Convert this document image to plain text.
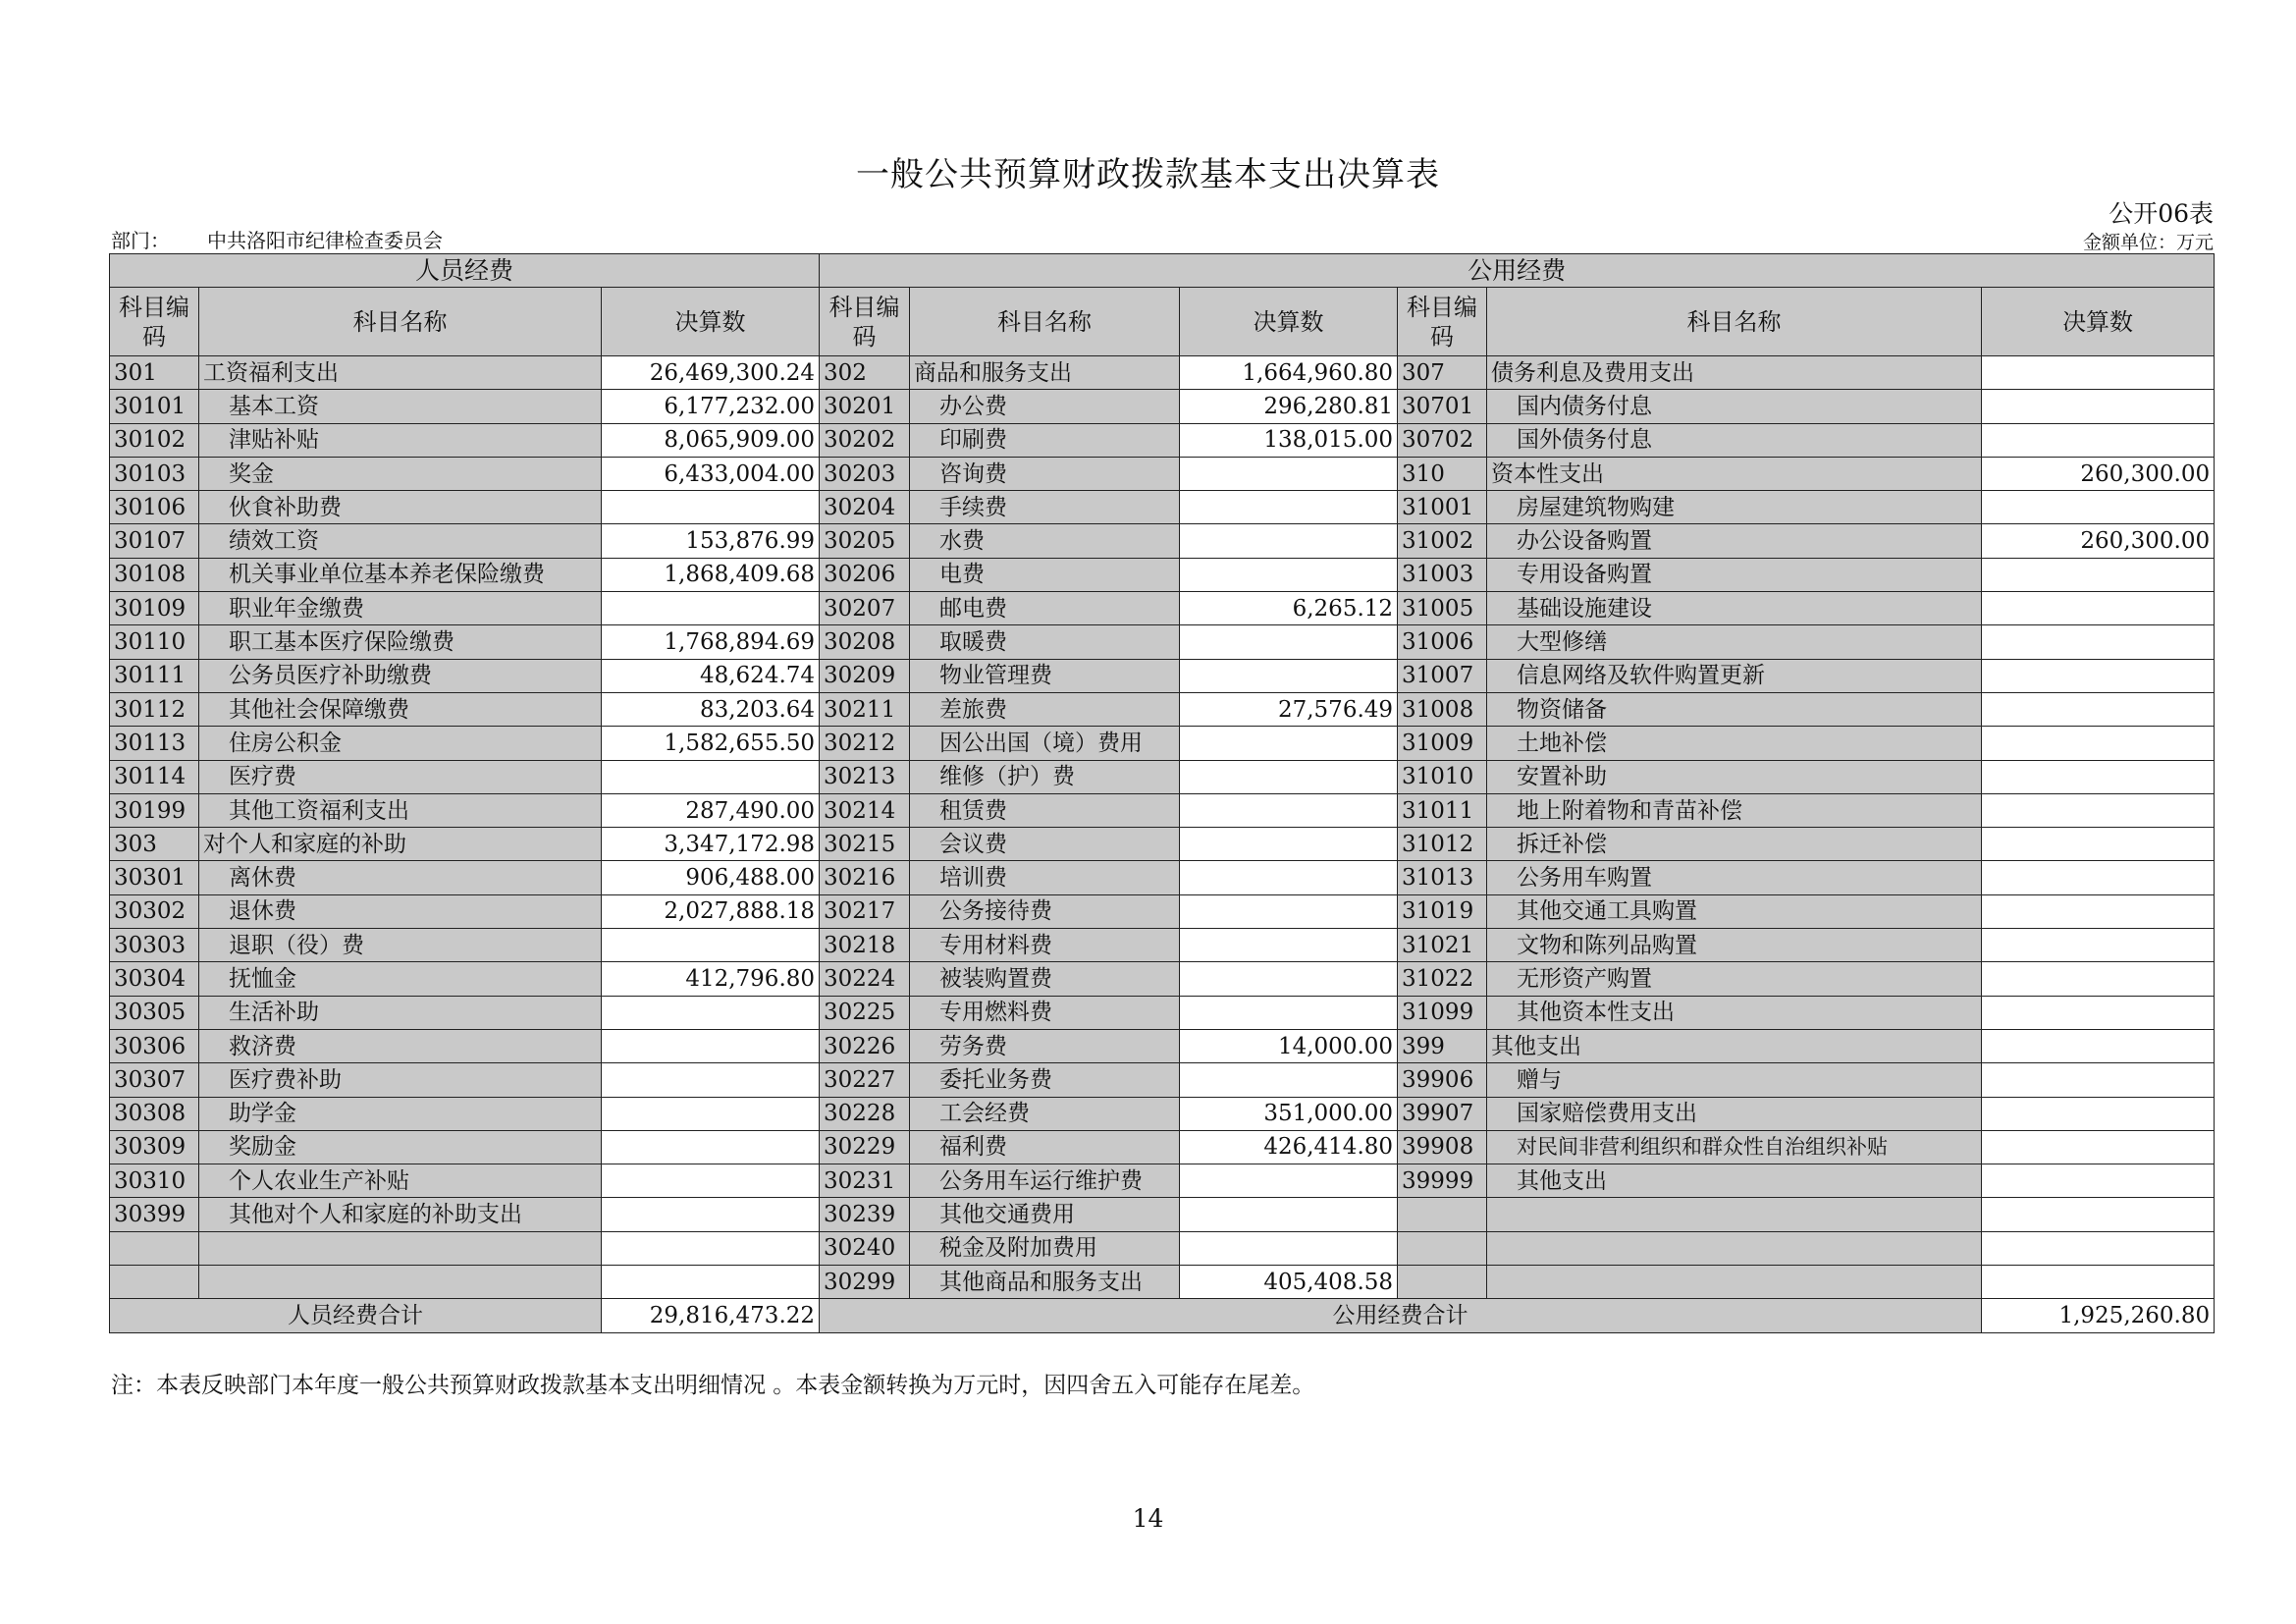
一般公共预算财政拨款基本支出决算表
公开06表
部门： 中共洛阳市纪律检查委员会	金额单位：万元
人员经费			公用经费					
科目编码	科目名称	决算数	科目编码	科目名称	决算数	科目编码	科目名称	决算数
301	工资福利支出	26,469,300.24	302	商品和服务支出	1,664,960.80	307	债务利息及费用支出	
30101	基本工资	6,177,232.00	30201	办公费	296,280.81	30701	国内债务付息	
30102	津贴补贴	8,065,909.00	30202	印刷费	138,015.00	30702	国外债务付息	
30103	奖金	6,433,004.00	30203	咨询费		310	资本性支出	260,300.00
30106	伙食补助费		30204	手续费		31001	房屋建筑物购建	
30107	绩效工资	153,876.99	30205	水费		31002	办公设备购置	260,300.00
30108	机关事业单位基本养老保险缴费	1,868,409.68	30206	电费		31003	专用设备购置	
30109	职业年金缴费		30207	邮电费	6,265.12	31005	基础设施建设	
30110	职工基本医疗保险缴费	1,768,894.69	30208	取暖费		31006	大型修缮	
30111	公务员医疗补助缴费	48,624.74	30209	物业管理费		31007	信息网络及软件购置更新	
30112	其他社会保障缴费	83,203.64	30211	差旅费	27,576.49	31008	物资储备	
30113	住房公积金	1,582,655.50	30212	因公出国（境）费用		31009	土地补偿	
30114	医疗费		30213	维修（护）费		31010	安置补助	
30199	其他工资福利支出	287,490.00	30214	租赁费		31011	地上附着物和青苗补偿	
303	对个人和家庭的补助	3,347,172.98	30215	会议费		31012	拆迁补偿	
30301	离休费	906,488.00	30216	培训费		31013	公务用车购置	
30302	退休费	2,027,888.18	30217	公务接待费		31019	其他交通工具购置	
30303	退职（役）费		30218	专用材料费		31021	文物和陈列品购置	
30304	抚恤金	412,796.80	30224	被装购置费		31022	无形资产购置	
30305	生活补助		30225	专用燃料费		31099	其他资本性支出	
30306	救济费		30226	劳务费	14,000.00	399	其他支出	
30307	医疗费补助		30227	委托业务费		39906	赠与	
30308	助学金		30228	工会经费	351,000.00	39907	国家赔偿费用支出	
30309	奖励金		30229	福利费	426,414.80	39908	对民间非营利组织和群众性自治组织补贴	
30310	个人农业生产补贴		30231	公务用车运行维护费		39999	其他支出	
30399	其他对个人和家庭的补助支出		30239	其他交通费用				
			30240	税金及附加费用				
			30299	其他商品和服务支出	405,408.58			
人员经费合计		29,816,473.22	公用经费合计					1,925,260.80
注：本表反映部门本年度一般公共预算财政拨款基本支出明细情况 。本表金额转换为万元时，因四舍五入可能存在尾差。
14
